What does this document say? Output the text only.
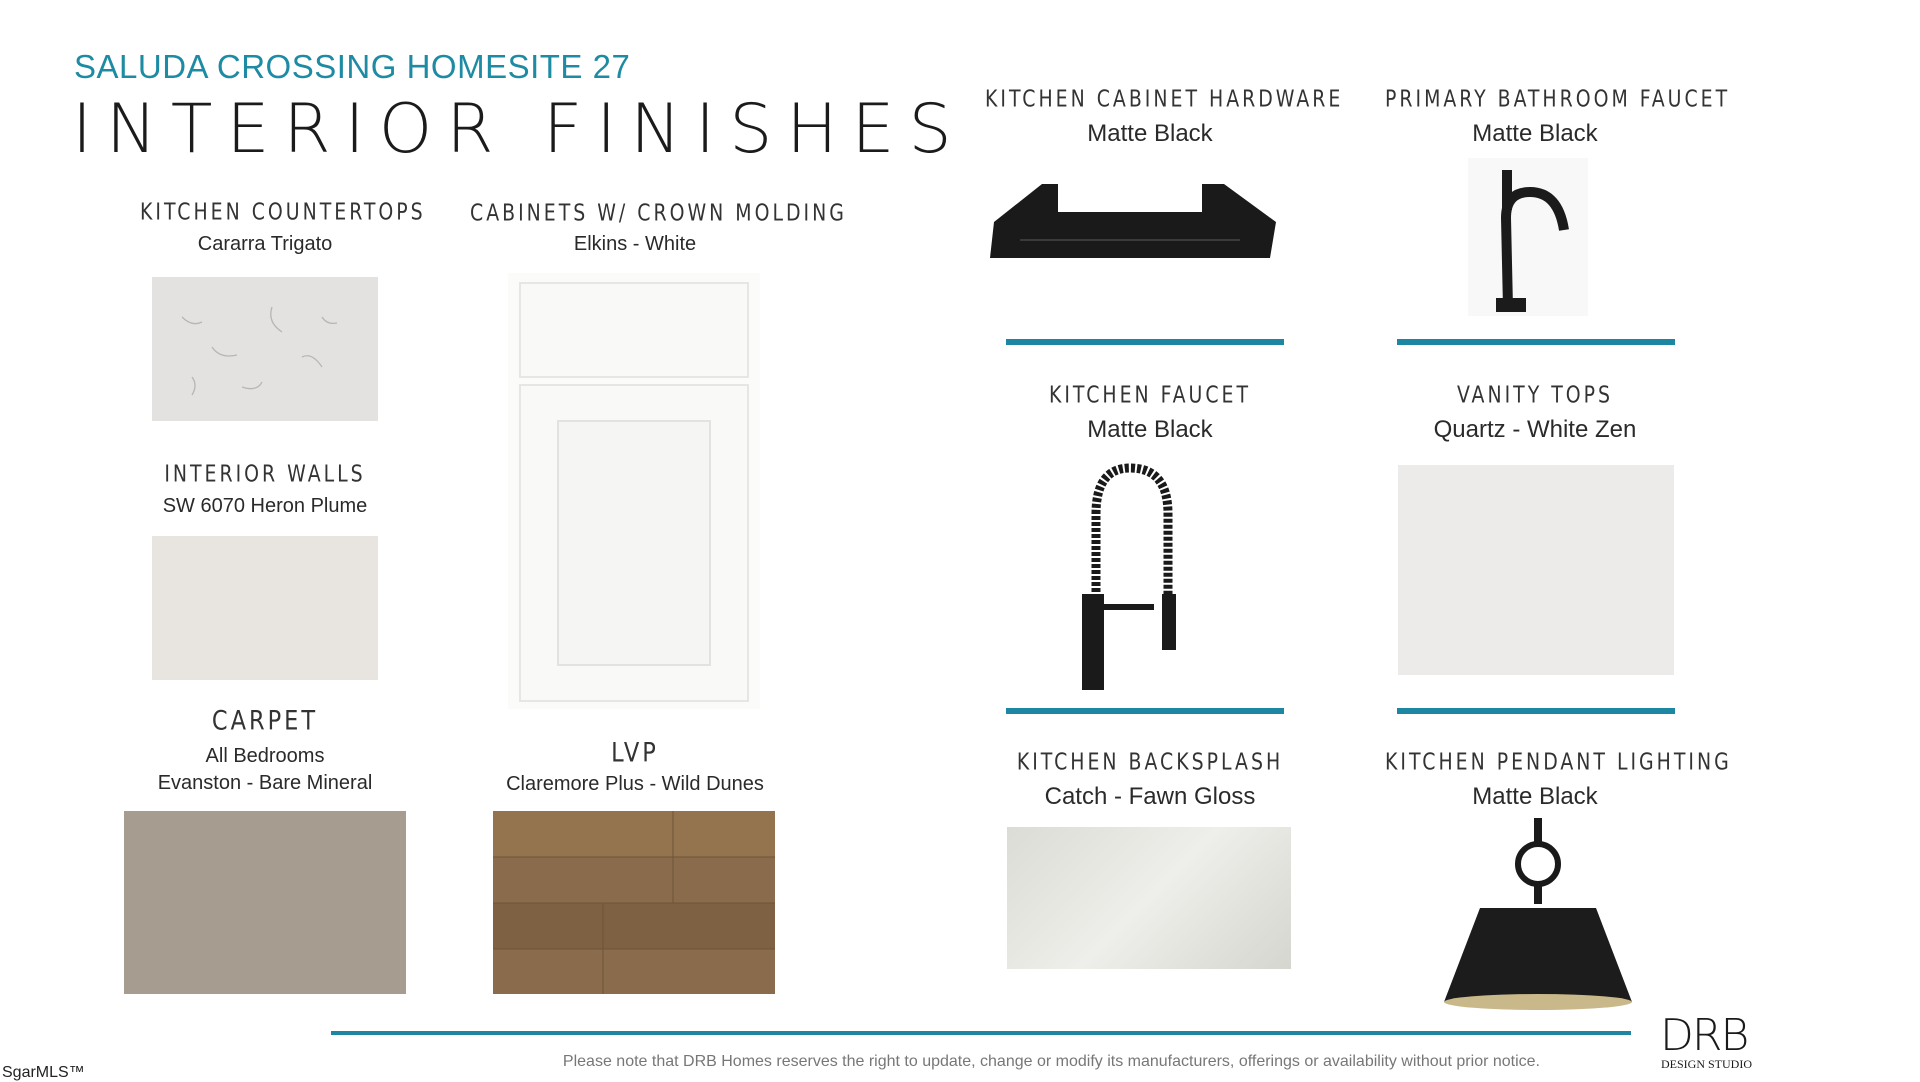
SALUDA CROSSING HOMESITE 27
INTERIOR FINISHES
KITCHEN COUNTERTOPS
Cararra Trigato
CABINETS W/ CROWN MOLDING
Elkins - White
INTERIOR WALLS
SW 6070 Heron Plume
CARPET
All Bedrooms
Evanston - Bare Mineral
LVP
Claremore Plus - Wild Dunes
KITCHEN CABINET HARDWARE
Matte Black
PRIMARY BATHROOM FAUCET
Matte Black
KITCHEN FAUCET
Matte Black
VANITY TOPS
Quartz - White Zen
KITCHEN BACKSPLASH
Catch - Fawn Gloss
KITCHEN PENDANT LIGHTING
Matte Black
DRB
DESIGN STUDIO
Please note that DRB Homes reserves the right to update, change or modify its manufacturers, offerings or availability without prior notice.
SgarMLS™
